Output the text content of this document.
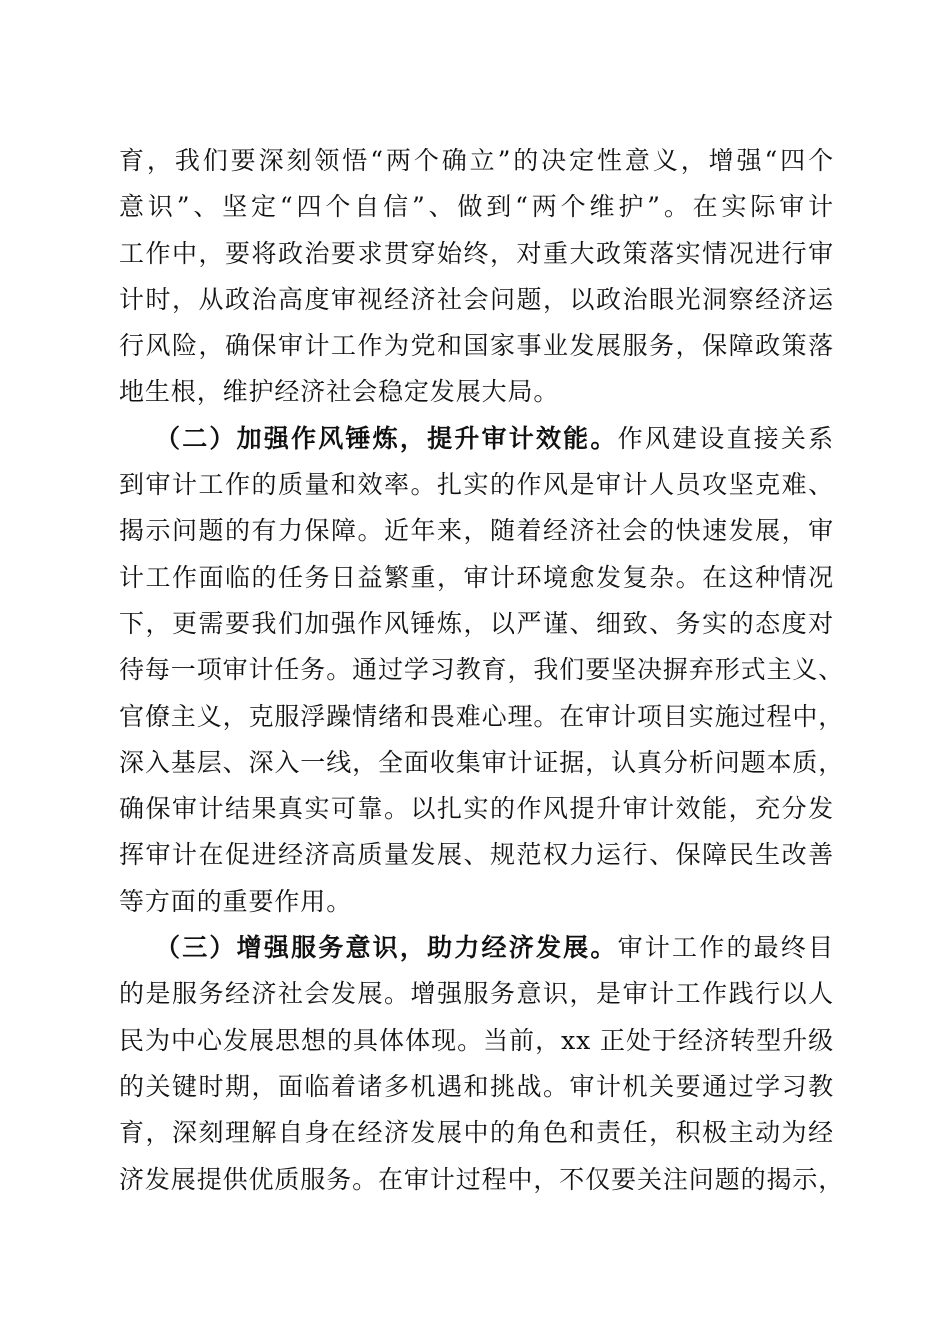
育，我们要深刻领悟“两个确立”的决定性意义，增强“四个
意识”、坚定“四个自信”、做到“两个维护”。在实际审计
工作中，要将政治要求贯穿始终，对重大政策落实情况进行审
计时，从政治高度审视经济社会问题，以政治眼光洞察经济运
行风险，确保审计工作为党和国家事业发展服务，保障政策落
地生根，维护经济社会稳定发展大局。
（二）加强作风锤炼，提升审计效能。作风建设直接关系
到审计工作的质量和效率。扎实的作风是审计人员攻坚克难、
揭示问题的有力保障。近年来，随着经济社会的快速发展，审
计工作面临的任务日益繁重，审计环境愈发复杂。在这种情况
下，更需要我们加强作风锤炼，以严谨、细致、务实的态度对
待每一项审计任务。通过学习教育，我们要坚决摒弃形式主义、
官僚主义，克服浮躁情绪和畏难心理。在审计项目实施过程中，
深入基层、深入一线，全面收集审计证据，认真分析问题本质，
确保审计结果真实可靠。以扎实的作风提升审计效能，充分发
挥审计在促进经济高质量发展、规范权力运行、保障民生改善
等方面的重要作用。
（三）增强服务意识，助力经济发展。审计工作的最终目
的是服务经济社会发展。增强服务意识，是审计工作践行以人
民为中心发展思想的具体体现。当前，xx 正处于经济转型升级
的关键时期，面临着诸多机遇和挑战。审计机关要通过学习教
育，深刻理解自身在经济发展中的角色和责任，积极主动为经
济发展提供优质服务。在审计过程中，不仅要关注问题的揭示，
